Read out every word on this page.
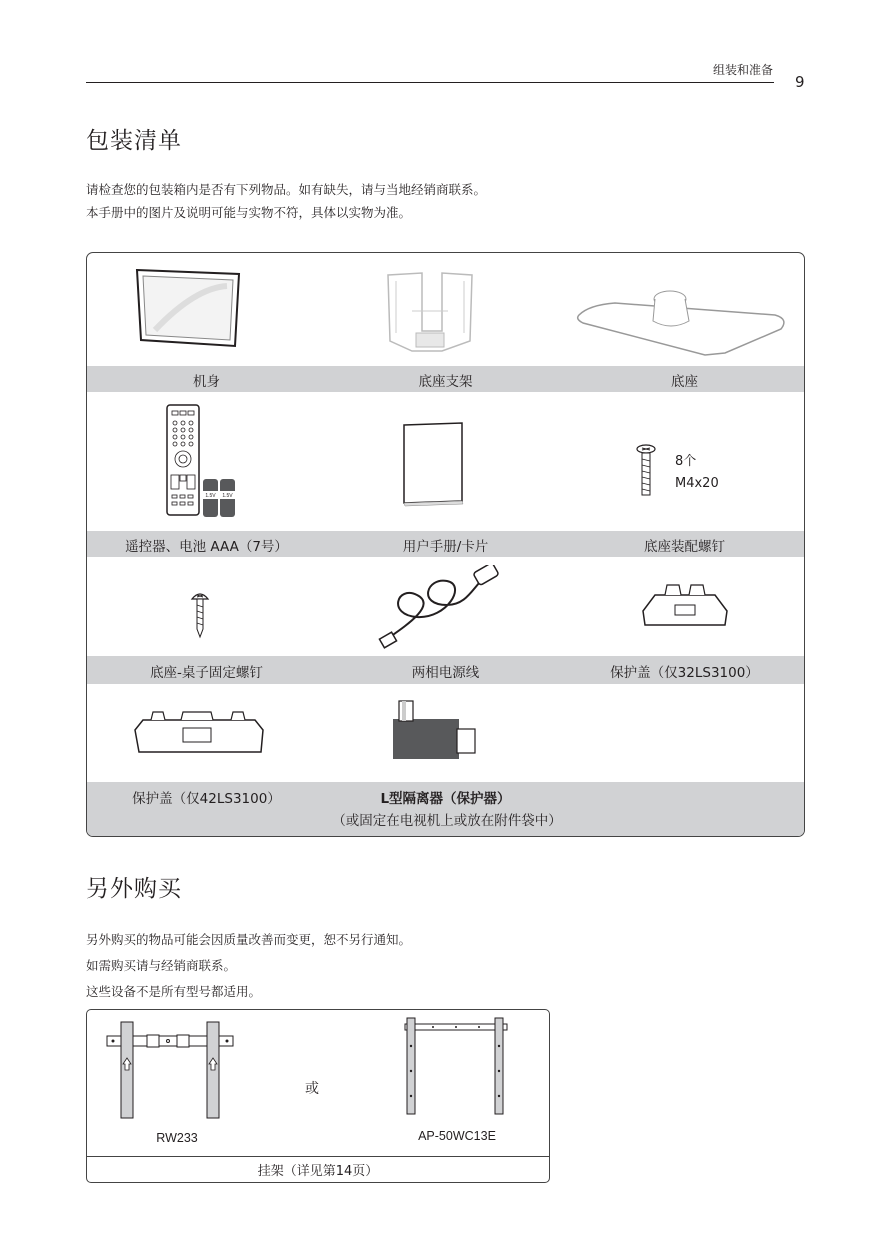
组装和准备
9
包装清单
请检查您的包装箱内是否有下列物品。如有缺失，请与当地经销商联系。
本手册中的图片及说明可能与实物不符，具体以实物为准。
机身	底座支架	底座
1.5V 1.5V
8个
M4x20
遥控器、电池 AAA（7号）	用户手册/卡片	底座装配螺钉
底座-桌子固定螺钉	两相电源线	保护盖（仅32LS3100）
保护盖（仅42LS3100）	L型隔离器（保护器）
（或固定在电视机上或放在附件袋中）
另外购买
另外购买的物品可能会因质量改善而变更，恕不另行通知。
如需购买请与经销商联系。
这些设备不是所有型号都适用。
或
RW233	AP-50WC13E
挂架（详见第14页）
